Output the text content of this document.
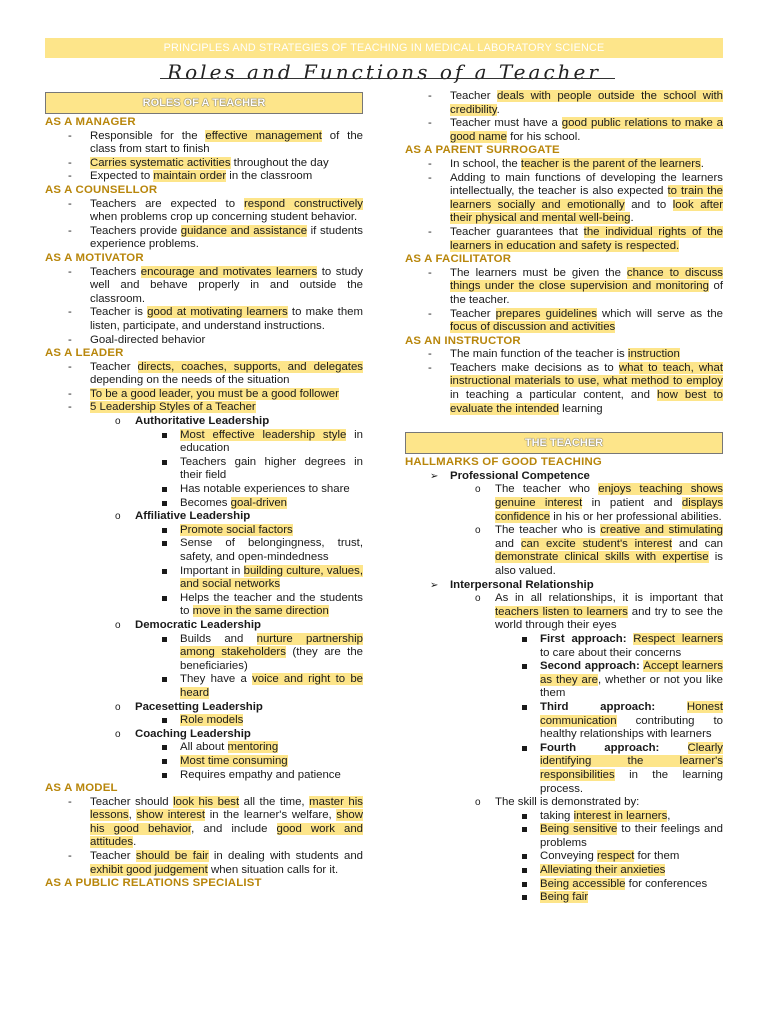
PRINCIPLES AND STRATEGIES OF TEACHING IN MEDICAL LABORATORY SCIENCE
Roles and Functions of a Teacher
ROLES OF A TEACHER
AS A MANAGER
- Responsible for the effective management of the class from start to finish
- Carries systematic activities throughout the day
- Expected to maintain order in the classroom
AS A COUNSELLOR
- Teachers are expected to respond constructively when problems crop up concerning student behavior.
- Teachers provide guidance and assistance if students experience problems.
AS A MOTIVATOR
- Teachers encourage and motivates learners to study well and behave properly in and outside the classroom.
- Teacher is good at motivating learners to make them listen, participate, and understand instructions.
- Goal-directed behavior
AS A LEADER
- Teacher directs, coaches, supports, and delegates depending on the needs of the situation
- To be a good leader, you must be a good follower
- 5 Leadership Styles of a Teacher
o Authoritative Leadership
Most effective leadership style in education
Teachers gain higher degrees in their field
Has notable experiences to share
Becomes goal-driven
o Affiliative Leadership
Promote social factors
Sense of belongingness, trust, safety, and open-mindedness
Important in building culture, values, and social networks
Helps the teacher and the students to move in the same direction
o Democratic Leadership
Builds and nurture partnership among stakeholders (they are the beneficiaries)
They have a voice and right to be heard
o Pacesetting Leadership
Role models
o Coaching Leadership
All about mentoring
Most time consuming
Requires empathy and patience
AS A MODEL
- Teacher should look his best all the time, master his lessons, show interest in the learner's welfare, show his good behavior, and include good work and attitudes.
- Teacher should be fair in dealing with students and exhibit good judgement when situation calls for it.
AS A PUBLIC RELATIONS SPECIALIST
- Teacher deals with people outside the school with credibility.
- Teacher must have a good public relations to make a good name for his school.
AS A PARENT SURROGATE
- In school, the teacher is the parent of the learners.
- Adding to main functions of developing the learners intellectually, the teacher is also expected to train the learners socially and emotionally and to look after their physical and mental well-being.
- Teacher guarantees that the individual rights of the learners in education and safety is respected.
AS A FACILITATOR
- The learners must be given the chance to discuss things under the close supervision and monitoring of the teacher.
- Teacher prepares guidelines which will serve as the focus of discussion and activities
AS AN INSTRUCTOR
- The main function of the teacher is instruction
- Teachers make decisions as to what to teach, what instructional materials to use, what method to employ in teaching a particular content, and how best to evaluate the intended learning
THE TEACHER
HALLMARKS OF GOOD TEACHING
➢ Professional Competence
o The teacher who enjoys teaching shows genuine interest in patient and displays confidence in his or her professional abilities.
o The teacher who is creative and stimulating and can excite student's interest and can demonstrate clinical skills with expertise is also valued.
➢ Interpersonal Relationship
o As in all relationships, it is important that teachers listen to learners and try to see the world through their eyes
First approach: Respect learners to care about their concerns
Second approach: Accept learners as they are, whether or not you like them
Third approach: Honest communication contributing to healthy relationships with learners
Fourth approach: Clearly identifying the learner's responsibilities in the learning process.
o The skill is demonstrated by:
taking interest in learners,
Being sensitive to their feelings and problems
Conveying respect for them
Alleviating their anxieties
Being accessible for conferences
Being fair
